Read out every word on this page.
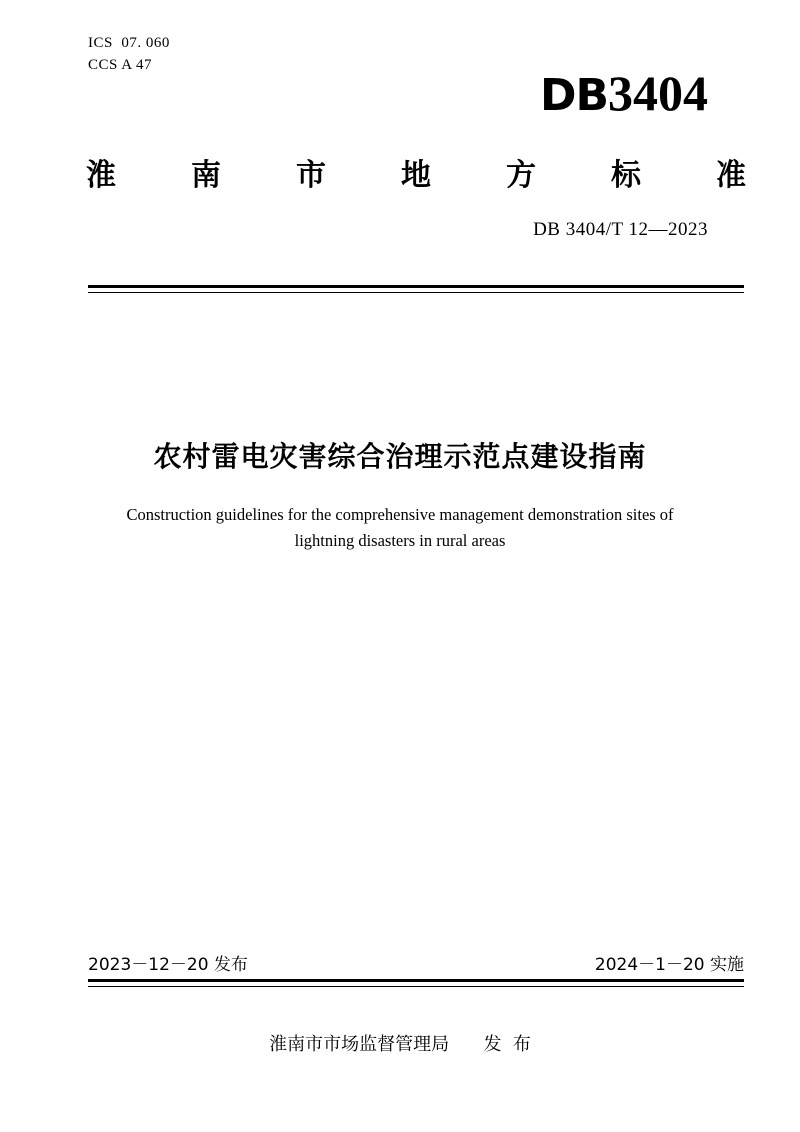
ICS  07. 060
CCS A 47
DB3404
淮	南	市	地	方	标	准
DB 3404/T 12—2023
农村雷电灾害综合治理示范点建设指南
Construction guidelines for the comprehensive management demonstration sites of
lightning disasters in rural areas
2023－12－20 发布	2024－1－20 实施
淮南市市场监督管理局      发  布
